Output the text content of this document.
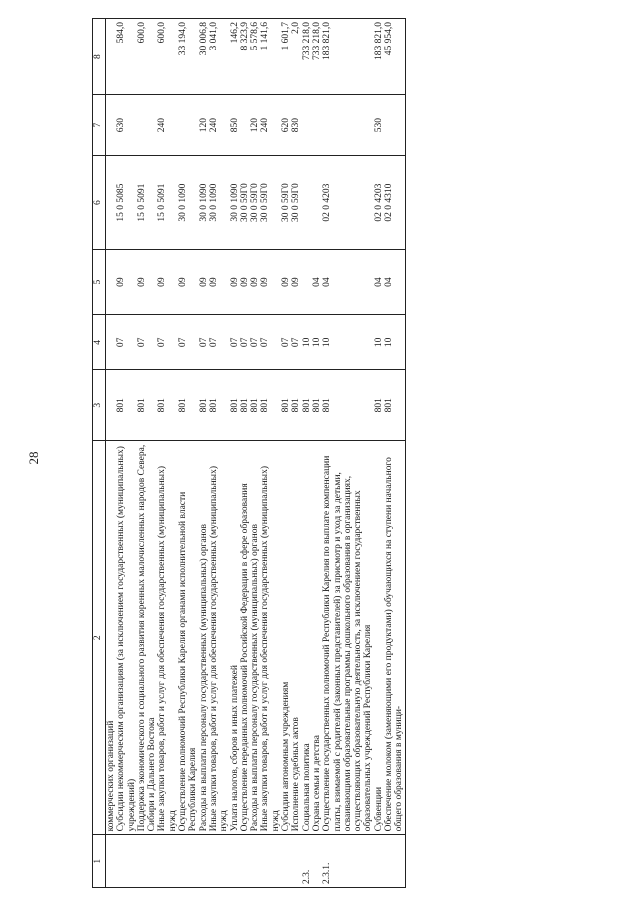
28
1	2	3	4	5	6	7	8
	коммерческих организаций						
	Субсидии некоммерческим организациям (за исключением государственных (муниципальных) учреждений)	801	07	09	15 0 5085	630	584,0
	Поддержка экономического и социального развития коренных малочисленных народов Севера, Сибири и Дальнего Востока	801	07	09	15 0 5091		600,0
	Иные закупки товаров, работ и услуг для обеспечения государственных (муниципальных) нужд	801	07	09	15 0 5091	240	600,0
	Осуществление полномочий Республики Карелия органами исполнительной власти Республики Карелия	801	07	09	30 0 1090		33 194,0
	Расходы на выплаты персоналу государственных (муниципальных) органов	801	07	09	30 0 1090	120	30 006,8
	Иные закупки товаров, работ и услуг для обеспечения государственных (муниципальных) нужд	801	07	09	30 0 1090	240	3 041,0
	Уплата налогов, сборов и иных платежей	801	07	09	30 0 1090	850	146,2
	Осуществление переданных полномочий Российской Федерации в сфере образования	801	07	09	30 0 59Г0		8 323,9
	Расходы на выплаты персоналу государственных (муниципальных) органов	801	07	09	30 0 59Г0	120	5 578,6
	Иные закупки товаров, работ и услуг для обеспечения государственных (муниципальных) нужд	801	07	09	30 0 59Г0	240	1 141,6
	Субсидии автономным учреждениям	801	07	09	30 0 59Г0	620	1 601,7
	Исполнение судебных актов	801	07	09	30 0 59Г0	830	2,0
2.3.	Социальная политика	801	10				733 218,0
	Охрана семьи и детства	801	10	04			733 218,0
2.3.1.	Осуществление государственных полномочий Республики Карелия по выплате компенсации платы, взимаемой с родителей (законных представителей) за присмотр и уход за детьми, осваивающими образовательные программы дошкольного образования в организациях, осуществляющих образовательную деятельность, за исключением государственных образовательных учреждений Республики Карелия	801	10	04	02 0 4203		183 821,0
	Субвенции	801	10	04	02 0 4203	530	183 821,0
	Обеспечение молоком (заменяющими его продуктами) обучающихся на ступени начального общего образования в муници-	801	10	04	02 0 4310		45 954,0
